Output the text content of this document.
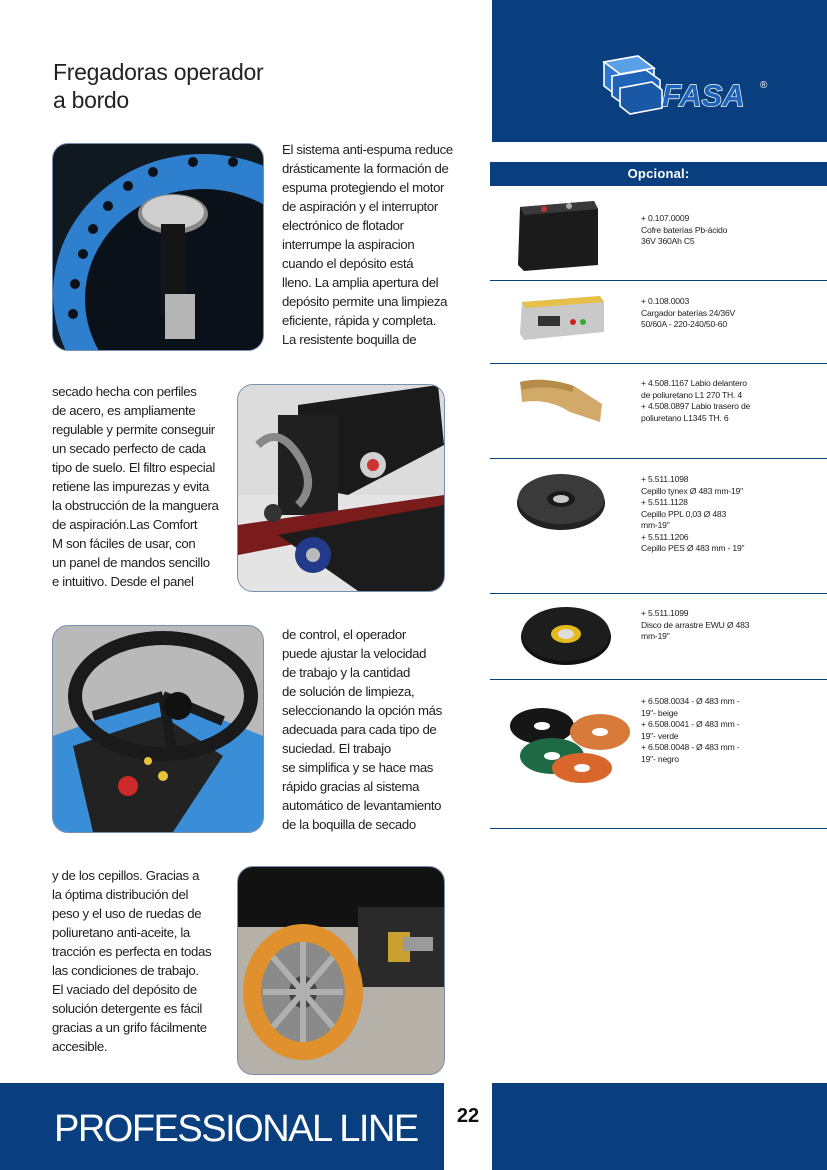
FASA ®
Fregadoras operador
a bordo
El sistema anti-espuma reduce
drásticamente la formación de
espuma protegiendo el motor
de aspiración y el interruptor
electrónico de flotador
interrumpe la aspiracion
cuando el depósito está
lleno. La amplia apertura del
depósito permite una limpieza
eficiente, rápida y completa.
La resistente boquilla de
secado hecha con perfiles
de acero, es ampliamente
regulable y permite conseguir
un secado perfecto de cada
tipo de suelo. El filtro especial
retiene las impurezas y evita
la obstrucción de la manguera
de aspiración.Las Comfort
M son fáciles de usar, con
un panel de mandos sencillo
e intuitivo. Desde el panel
de control, el operador
puede ajustar la velocidad
de trabajo y la cantidad
de solución de limpieza,
seleccionando la opción más
adecuada para cada tipo de
suciedad. El trabajo
se simplifica y se hace mas
rápido gracias al sistema
automático de levantamiento
de la boquilla de secado
y de los cepillos. Gracias a
la óptima distribución del
peso y el uso de ruedas de
poliuretano anti-aceite, la
tracción es perfecta en todas
las condiciones de trabajo.
El vaciado del depósito de
solución detergente es fácil
gracias a un grifo fácilmente
accesible.
Opcional:
+ 0.107.0009
Cofre baterías Pb-ácido
36V 360Ah C5
+ 0.108.0003
Cargador baterías 24/36V
50/60A - 220-240/50-60
+ 4.508.1167 Labio delantero
de poliuretano L1 270 TH. 4
+ 4.508.0897 Labio trasero de
poliuretano L1345 TH. 6
+ 5.511.1098
Cepillo tynex Ø 483 mm-19"
+ 5.511.1128
Cepillo PPL 0,03 Ø 483
mm-19"
+ 5.511.1206
Cepillo PES Ø 483 mm - 19"
+ 5.511.1099
Disco de arrastre EWU Ø 483
mm-19"
+ 6.508.0034 - Ø 483 mm -
19"- beige
+ 6.508.0041 - Ø 483 mm -
19"- verde
+ 6.508.0048 - Ø 483 mm -
19"- negro
PROFESSIONAL LINE	22
